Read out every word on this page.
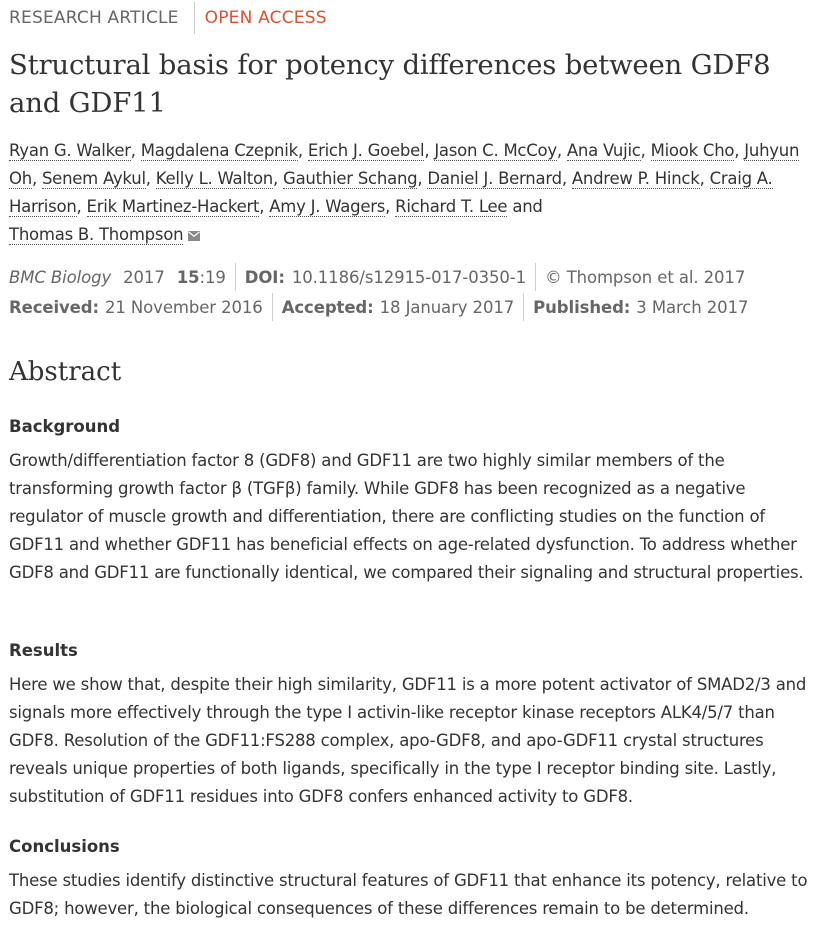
RESEARCH ARTICLE	OPEN ACCESS
Structural basis for potency differences between GDF8 and GDF11
Ryan G. Walker, Magdalena Czepnik, Erich J. Goebel, Jason C. McCoy, Ana Vujic, Miook Cho, Juhyun Oh, Senem Aykul, Kelly L. Walton, Gauthier Schang, Daniel J. Bernard, Andrew P. Hinck, Craig A. Harrison, Erik Martinez-Hackert, Amy J. Wagers, Richard T. Lee and
Thomas B. Thompson
BMC Biology 2017 15 :19 DOI: 10.1186/s12915-017-0350-1 © Thompson et al. 2017
Received: 21 November 2016 Accepted: 18 January 2017 Published: 3 March 2017
Abstract
Background

Growth/differentiation factor 8 (GDF8) and GDF11 are two highly similar members of the transforming growth factor β (TGFβ) family. While GDF8 has been recognized as a negative regulator of muscle growth and differentiation, there are conflicting studies on the function of GDF11 and whether GDF11 has beneficial effects on age-related dysfunction. To address whether GDF8 and GDF11 are functionally identical, we compared their signaling and structural properties.

Results

Here we show that, despite their high similarity, GDF11 is a more potent activator of SMAD2/3 and signals more effectively through the type I activin-like receptor kinase receptors ALK4/5/7 than GDF8. Resolution of the GDF11:FS288 complex, apo-GDF8, and apo-GDF11 crystal structures reveals unique properties of both ligands, specifically in the type I receptor binding site. Lastly, substitution of GDF11 residues into GDF8 confers enhanced activity to GDF8.

Conclusions

These studies identify distinctive structural features of GDF11 that enhance its potency, relative to GDF8; however, the biological consequences of these differences remain to be determined.
